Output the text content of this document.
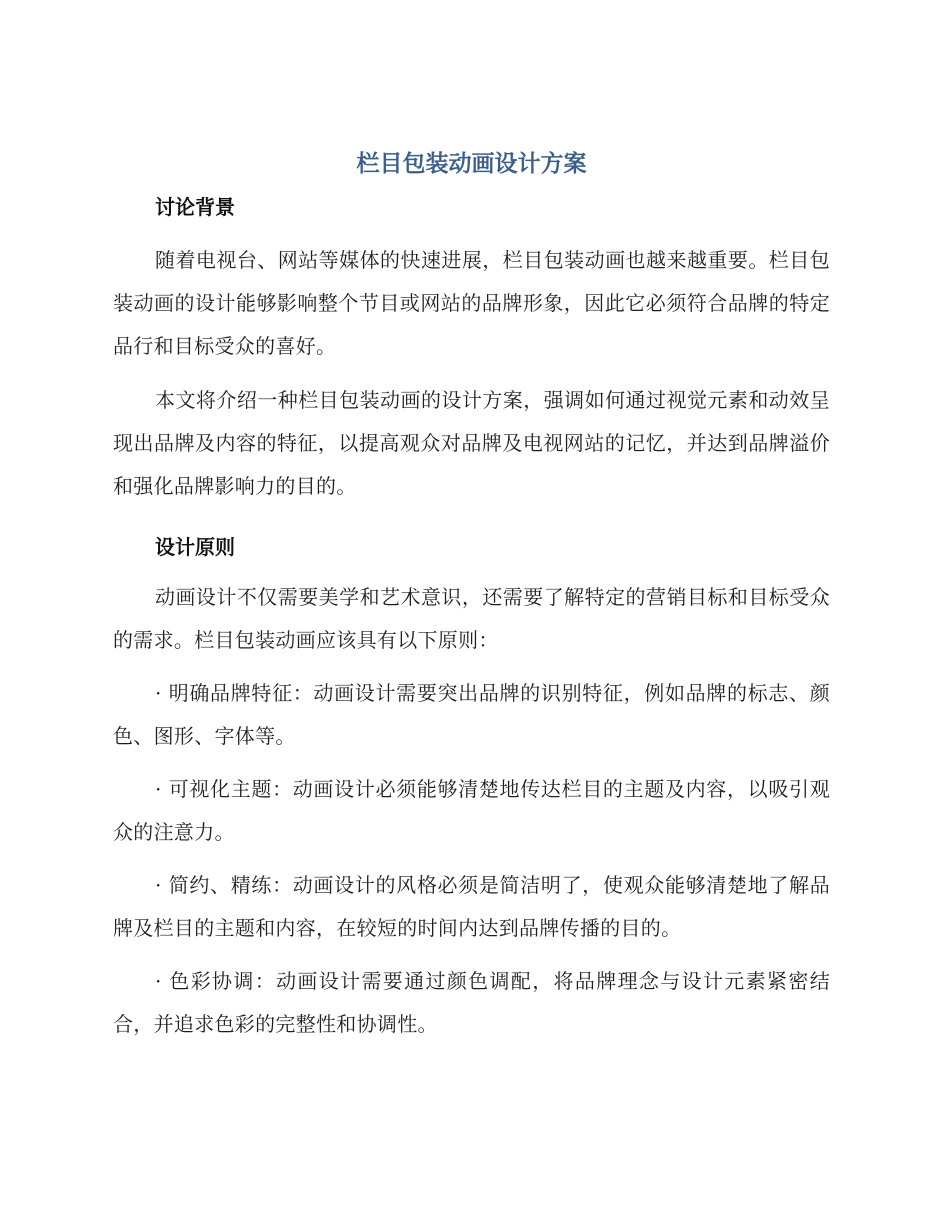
栏目包装动画设计方案
讨论背景

随着电视台、网站等媒体的快速进展，栏目包装动画也越来越重要。栏目包装动画的设计能够影响整个节目或网站的品牌形象，因此它必须符合品牌的特定品行和目标受众的喜好。

本文将介绍一种栏目包装动画的设计方案，强调如何通过视觉元素和动效呈现出品牌及内容的特征，以提高观众对品牌及电视网站的记忆，并达到品牌溢价和强化品牌影响力的目的。

设计原则

动画设计不仅需要美学和艺术意识，还需要了解特定的营销目标和目标受众的需求。栏目包装动画应该具有以下原则：

· 明确品牌特征：动画设计需要突出品牌的识别特征，例如品牌的标志、颜色、图形、字体等。

· 可视化主题：动画设计必须能够清楚地传达栏目的主题及内容，以吸引观众的注意力。

· 简约、精练：动画设计的风格必须是简洁明了，使观众能够清楚地了解品牌及栏目的主题和内容，在较短的时间内达到品牌传播的目的。

· 色彩协调：动画设计需要通过颜色调配，将品牌理念与设计元素紧密结合，并追求色彩的完整性和协调性。
